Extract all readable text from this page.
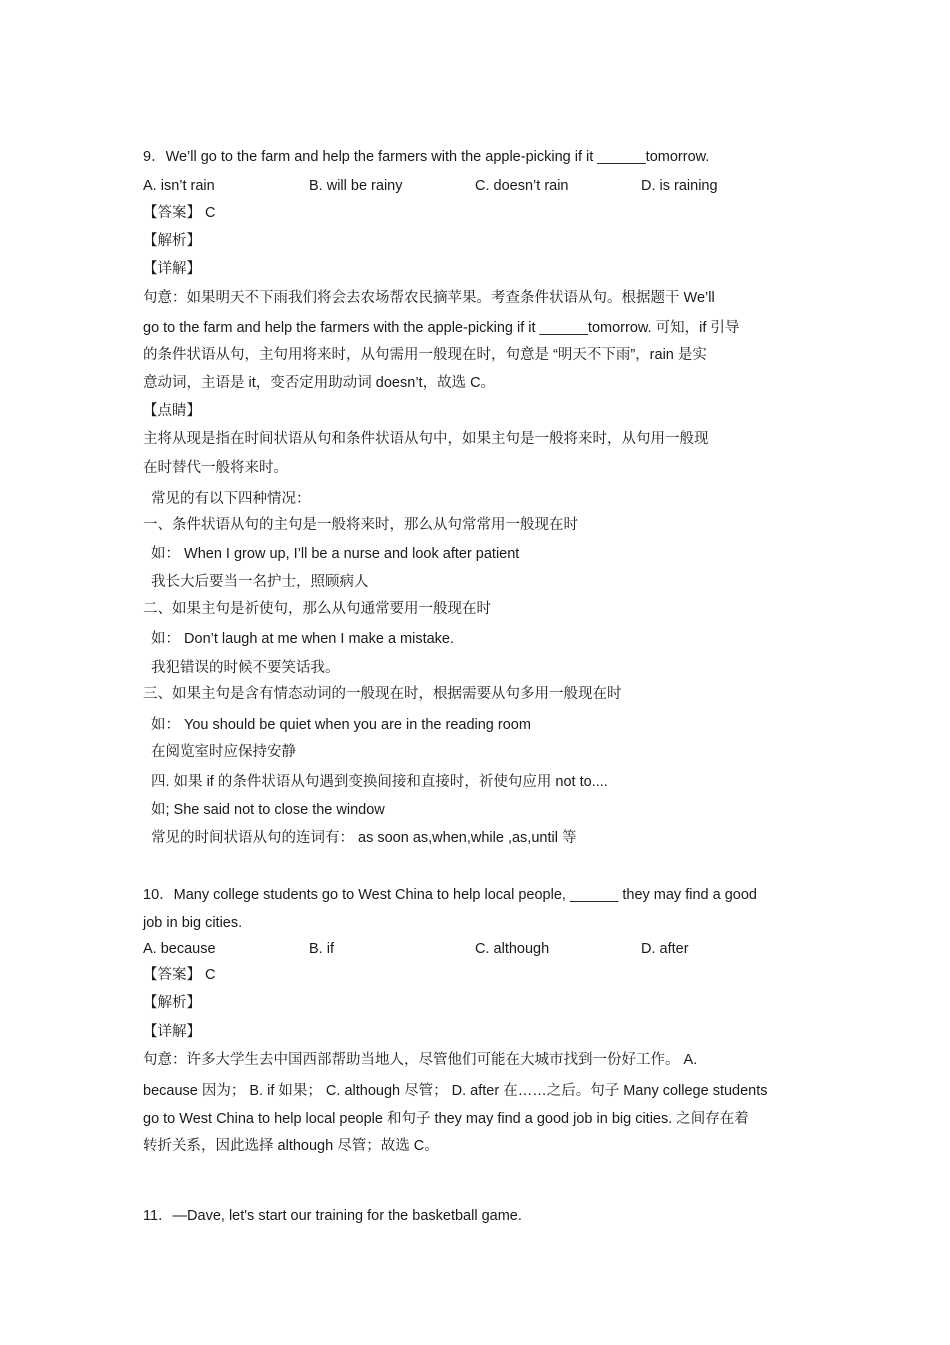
9．We’ll go to the farm and help the farmers with the apple-picking if it ______tomorrow.
A. isn’t rain	B. will be rainy	C. doesn’t rain	D. is raining
【答案】 C
【解析】
【详解】
句意：如果明天不下雨我们将会去农场帮农民摘苹果。考查条件状语从句。根据题干 We’ll
go to the farm and help the farmers with the apple-picking if it ______tomorrow. 可知，if 引导
的条件状语从句，主句用将来时，从句需用一般现在时，句意是 “明天不下雨”，rain 是实
意动词，主语是 it，变否定用助动词 doesn’t，故选 C。
【点睛】
主将从现是指在时间状语从句和条件状语从句中，如果主句是一般将来时，从句用一般现
在时替代一般将来时。
常见的有以下四种情况：
一、条件状语从句的主句是一般将来时，那么从句常常用一般现在时
如： When I grow up, I’ll be a nurse and look after patient
我长大后要当一名护士，照顾病人
二、如果主句是祈使句，那么从句通常要用一般现在时
如： Don’t laugh at me when I make a mistake.
我犯错误的时候不要笑话我。
三、如果主句是含有情态动词的一般现在时，根据需要从句多用一般现在时
如： You should be quiet when you are in the reading room
在阅览室时应保持安静
四. 如果 if 的条件状语从句遇到变换间接和直接时，祈使句应用 not to....
如; She said not to close the window
常见的时间状语从句的连词有： as soon as,when,while ,as,until 等
10．Many college students go to West China to help local people, ______ they may find a good
job in big cities.
A. because	B. if	C. although	D. after
【答案】 C
【解析】
【详解】
句意：许多大学生去中国西部帮助当地人，尽管他们可能在大城市找到一份好工作。 A.
because 因为； B. if 如果； C. although 尽管； D. after 在……之后。句子 Many college students
go to West China to help local people 和句子 they may find a good job in big cities. 之间存在着
转折关系，因此选择 although 尽管；故选 C。
11．—Dave, let's start our training for the basketball game.
